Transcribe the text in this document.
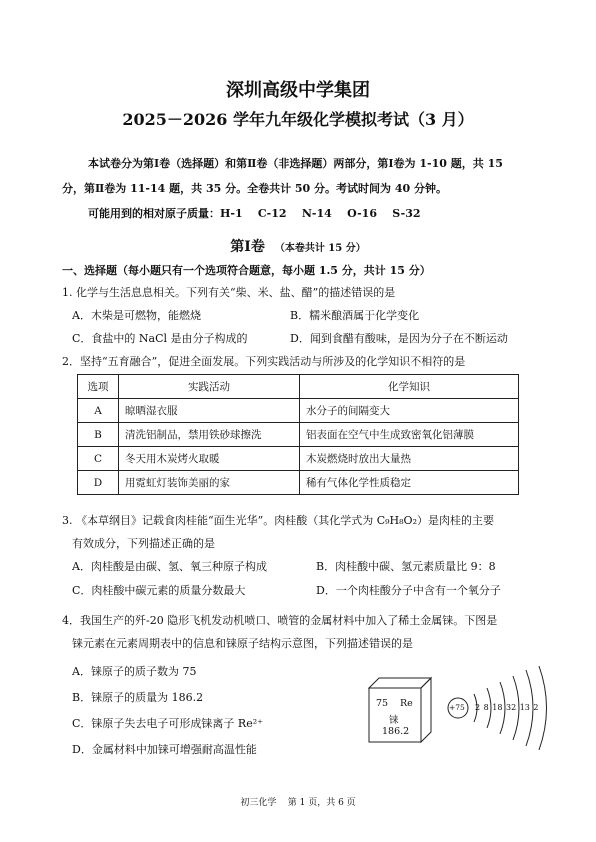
深圳高级中学集团
2025－2026 学年九年级化学模拟考试（3 月）
本试卷分为第Ⅰ卷（选择题）和第Ⅱ卷（非选择题）两部分，第Ⅰ卷为 1-10 题，共 15
分，第Ⅱ卷为 11-14 题，共 35 分。全卷共计 50 分。考试时间为 40 分钟。
可能用到的相对原子质量：H-1    C-12    N-14    O-16    S-32
第Ⅰ卷 （本卷共计 15 分）
一、选择题（每小题只有一个选项符合题意，每小题 1.5 分，共计 15 分）
1. 化学与生活息息相关。下列有关“柴、米、盐、醋”的描述错误的是
A．木柴是可燃物，能燃烧	B．糯米酿酒属于化学变化
C．食盐中的 NaCl 是由分子构成的	D．闻到食醋有酸味，是因为分子在不断运动
2．坚持“五育融合”，促进全面发展。下列实践活动与所涉及的化学知识不相符的是
选项	实践活动	化学知识
A	晾晒湿衣服	水分子的间隔变大
B	清洗铝制品，禁用铁砂球擦洗	铝表面在空气中生成致密氧化铝薄膜
C	冬天用木炭烤火取暖	木炭燃烧时放出大量热
D	用霓虹灯装饰美丽的家	稀有气体化学性质稳定
3. 《本草纲目》记载食肉桂能“面生光华”。肉桂酸（其化学式为 C₉H₈O₂）是肉桂的主要
有效成分，下列描述正确的是
A．肉桂酸是由碳、氢、氧三种原子构成	B．肉桂酸中碳、氢元素质量比 9：8
C．肉桂酸中碳元素的质量分数最大	D．一个肉桂酸分子中含有一个氧分子
4．我国生产的歼-20 隐形飞机发动机喷口、喷管的金属材料中加入了稀土金属铼。下图是
铼元素在元素周期表中的信息和铼原子结构示意图，下列描述错误的是
A．铼原子的质子数为 75
B．铼原子的质量为 186.2
C．铼原子失去电子可形成铼离子 Re²⁺
D．金属材料中加铼可增强耐高温性能
75 Re
铼
186.2
+75 2 8 18 32 13 2
初三化学    第 1 页，共 6 页
